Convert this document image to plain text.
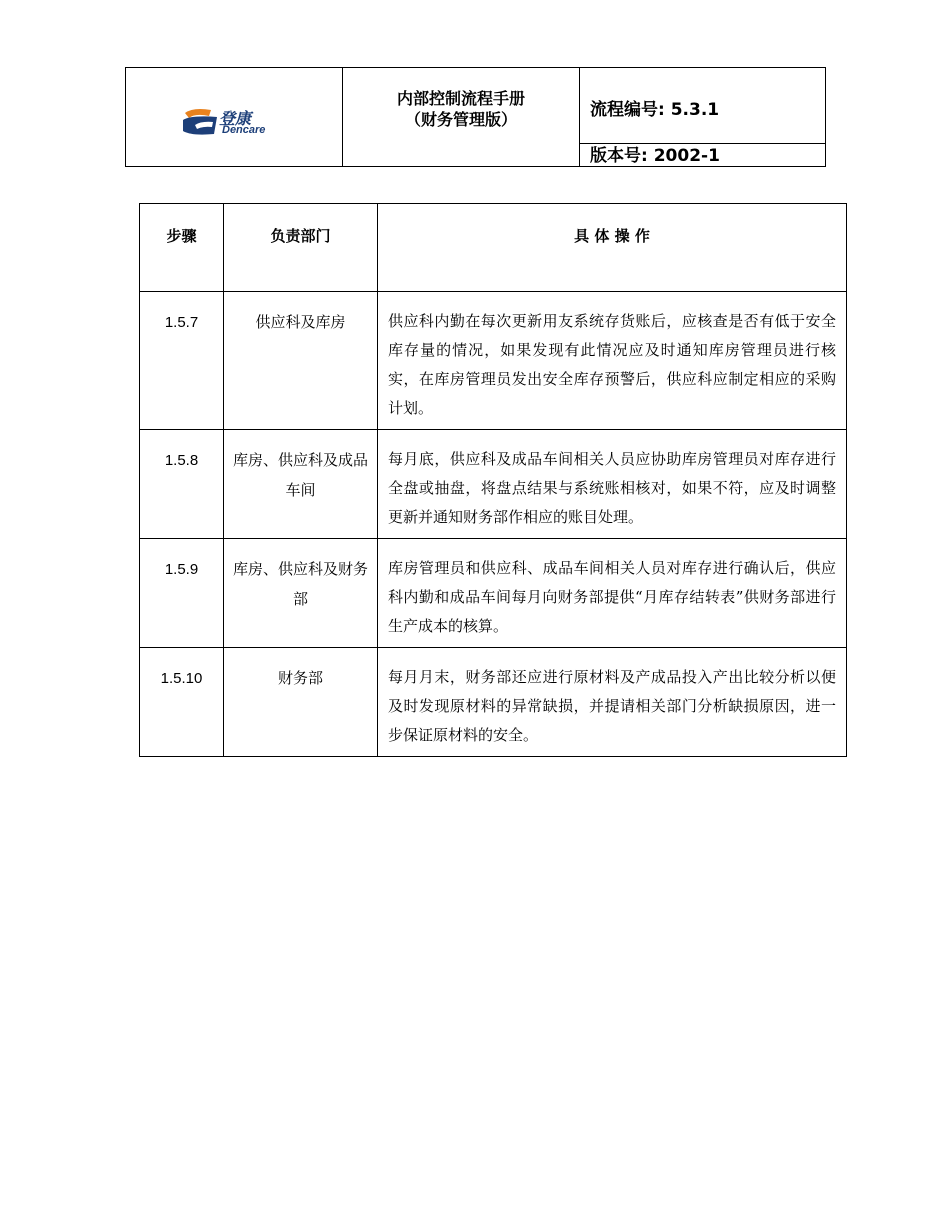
登康
Dencare
内部控制流程手册
（财务管理版）	流程编号: 5.3.1
版本号: 2002-1
步骤	负责部门	具 体 操 作
1.5.7	供应科及库房	供应科内勤在每次更新用友系统存货账后，应核查是否有低于安全库存量的情况，如果发现有此情况应及时通知库房管理员进行核实，在库房管理员发出安全库存预警后，供应科应制定相应的采购计划。
1.5.8	库房、供应科及成品车间	每月底，供应科及成品车间相关人员应协助库房管理员对库存进行全盘或抽盘，将盘点结果与系统账相核对，如果不符，应及时调整更新并通知财务部作相应的账目处理。
1.5.9	库房、供应科及财务部	库房管理员和供应科、成品车间相关人员对库存进行确认后，供应科内勤和成品车间每月向财务部提供“月库存结转表”供财务部进行生产成本的核算。
1.5.10	财务部	每月月末，财务部还应进行原材料及产成品投入产出比较分析以便及时发现原材料的异常缺损，并提请相关部门分析缺损原因，进一步保证原材料的安全。
